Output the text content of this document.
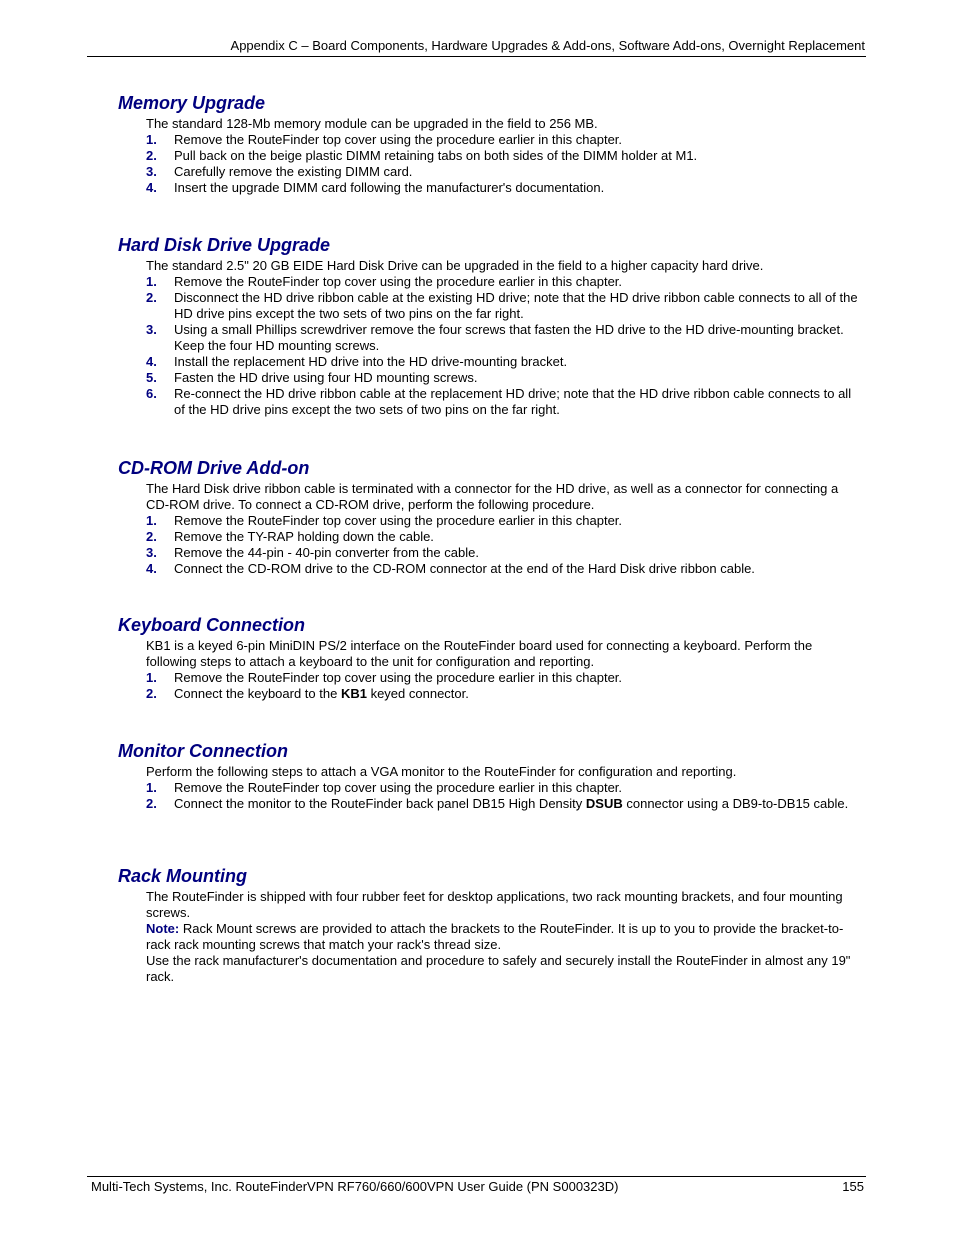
Appendix C – Board Components, Hardware Upgrades & Add-ons, Software Add-ons, Overnight Replacement
Memory Upgrade

The standard 128-Mb memory module can be upgraded in the field to 256 MB.

1. Remove the RouteFinder top cover using the procedure earlier in this chapter.
2. Pull back on the beige plastic DIMM retaining tabs on both sides of the DIMM holder at M1.
3. Carefully remove the existing DIMM card.
4. Insert the upgrade DIMM card following the manufacturer's documentation.
Hard Disk Drive Upgrade

The standard 2.5" 20 GB EIDE Hard Disk Drive can be upgraded in the field to a higher capacity hard drive.

1. Remove the RouteFinder top cover using the procedure earlier in this chapter.
2. Disconnect the HD drive ribbon cable at the existing HD drive; note that the HD drive ribbon cable connects to all of the HD drive pins except the two sets of two pins on the far right.
3. Using a small Phillips screwdriver remove the four screws that fasten the HD drive to the HD drive-mounting bracket. Keep the four HD mounting screws.
4. Install the replacement HD drive into the HD drive-mounting bracket.
5. Fasten the HD drive using four HD mounting screws.
6. Re-connect the HD drive ribbon cable at the replacement HD drive; note that the HD drive ribbon cable connects to all of the HD drive pins except the two sets of two pins on the far right.
CD-ROM Drive Add-on

The Hard Disk drive ribbon cable is terminated with a connector for the HD drive, as well as a connector for connecting a CD-ROM drive. To connect a CD-ROM drive, perform the following procedure.

1. Remove the RouteFinder top cover using the procedure earlier in this chapter.
2. Remove the TY-RAP holding down the cable.
3. Remove the 44-pin - 40-pin converter from the cable.
4. Connect the CD-ROM drive to the CD-ROM connector at the end of the Hard Disk drive ribbon cable.
Keyboard Connection

KB1 is a keyed 6-pin MiniDIN PS/2 interface on the RouteFinder board used for connecting a keyboard. Perform the following steps to attach a keyboard to the unit for configuration and reporting.

1. Remove the RouteFinder top cover using the procedure earlier in this chapter.
2. Connect the keyboard to the KB1 keyed connector.
Monitor Connection

Perform the following steps to attach a VGA monitor to the RouteFinder for configuration and reporting.

1. Remove the RouteFinder top cover using the procedure earlier in this chapter.
2. Connect the monitor to the RouteFinder back panel DB15 High Density DSUB connector using a DB9-to-DB15 cable.
Rack Mounting

The RouteFinder is shipped with four rubber feet for desktop applications, two rack mounting brackets, and four mounting screws.

Note: Rack Mount screws are provided to attach the brackets to the RouteFinder. It is up to you to provide the bracket-to-rack rack mounting screws that match your rack's thread size.

Use the rack manufacturer's documentation and procedure to safely and securely install the RouteFinder in almost any 19" rack.

Multi-Tech Systems, Inc. RouteFinderVPN RF760/660/600VPN User Guide (PN S000323D)	155
